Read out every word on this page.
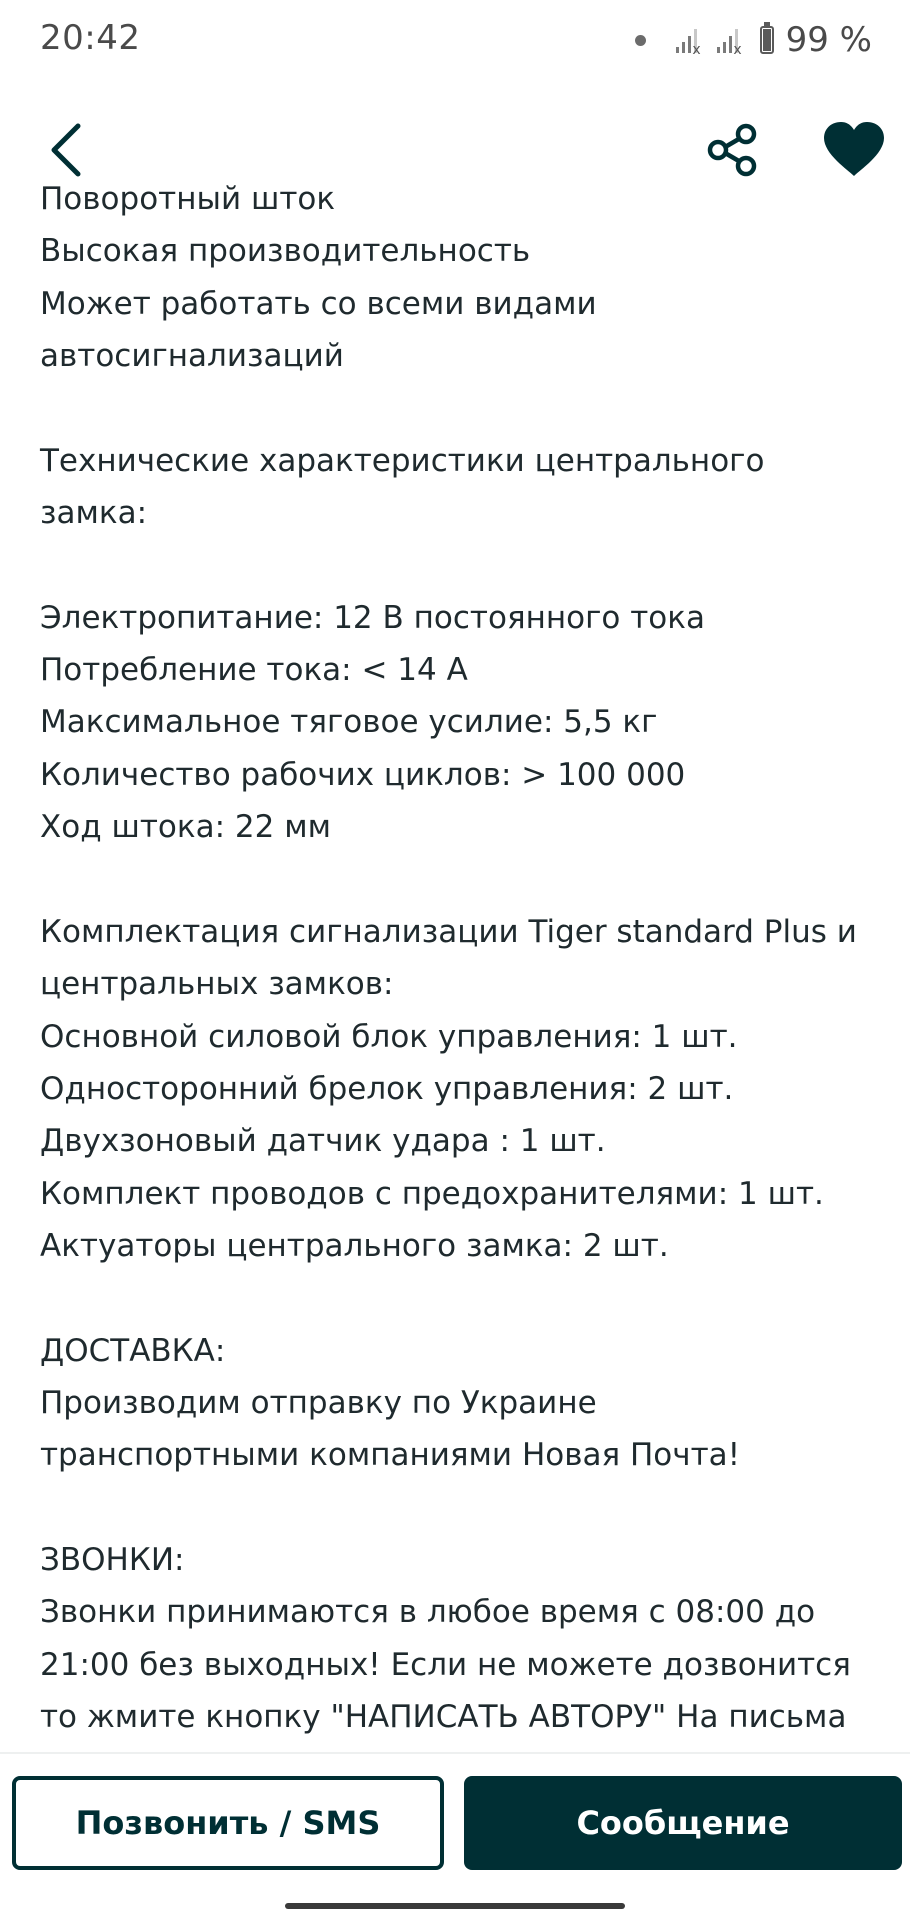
20:42	x x 99 %
Поворотный шток
Высокая производительность
Может работать со всеми видами
автосигнализаций
Технические характеристики центрального
замка:
Электропитание: 12 В постоянного тока
Потребление тока: < 14 А
Максимальное тяговое усилие: 5,5 кг
Количество рабочих циклов: > 100 000
Ход штока: 22 мм
Комплектация сигнализации Tiger standard Plus и
центральных замков:
Основной силовой блок управления: 1 шт.
Односторонний брелок управления: 2 шт.
Двухзоновый датчик удара : 1 шт.
Комплект проводов с предохранителями: 1 шт.
Актуаторы центрального замка: 2 шт.
ДОСТАВКА:
Производим отправку по Украине
транспортными компаниями Новая Почта!
ЗВОНКИ:
Звонки принимаются в любое время с 08:00 до
21:00 без выходных! Если не можете дозвонится
то жмите кнопку "НАПИСАТЬ АВТОРУ" На письма
Позвонить / SMS	Сообщение
